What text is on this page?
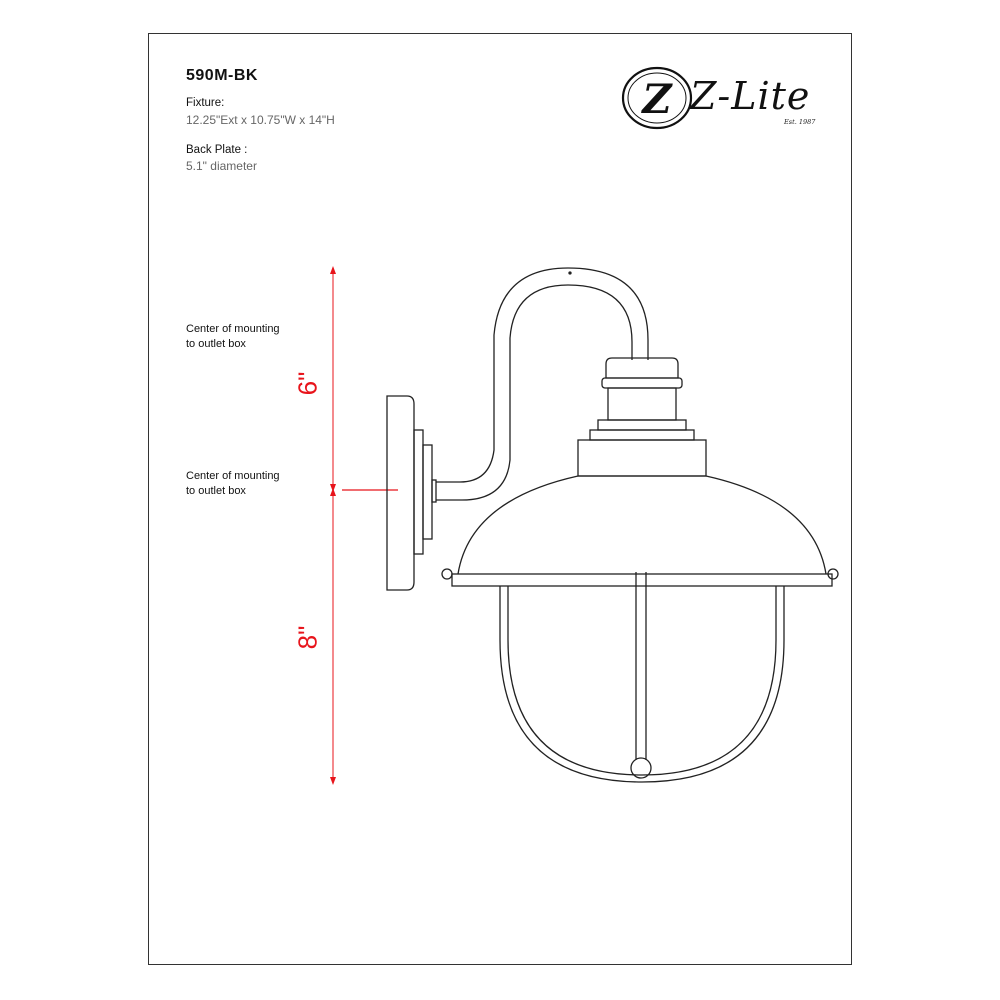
590M-BK
Fixture:
12.25"Ext x 10.75"W x 14"H
Back Plate :
5.1" diameter
Z Z-Lite
Est. 1987
Center of mounting
to outlet box
Center of mounting
to outlet box
6"
8"
